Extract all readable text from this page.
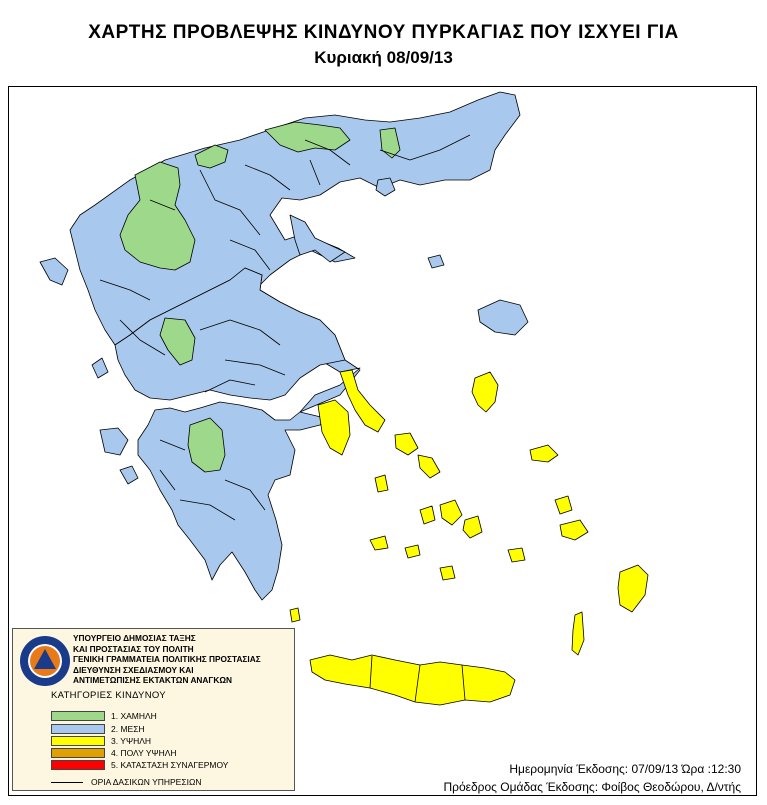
ΧΑΡΤΗΣ ΠΡΟΒΛΕΨΗΣ ΚΙΝΔΥΝΟΥ ΠΥΡΚΑΓΙΑΣ ΠΟΥ ΙΣΧΥΕΙ ΓΙΑ
Κυριακή 08/09/13
ΥΠΟΥΡΓΕΙΟ ΔΗΜΟΣΙΑΣ ΤΑΞΗΣ
ΚΑΙ ΠΡΟΣΤΑΣΙΑΣ ΤΟΥ ΠΟΛΙΤΗ
ΓΕΝΙΚΗ ΓΡΑΜΜΑΤΕΙΑ ΠΟΛΙΤΙΚΗΣ ΠΡΟΣΤΑΣΙΑΣ
ΔΙΕΥΘΥΝΣΗ ΣΧΕΔΙΑΣΜΟΥ ΚΑΙ
ΑΝΤΙΜΕΤΩΠΙΣΗΣ ΕΚΤΑΚΤΩΝ ΑΝΑΓΚΩΝ
ΚΑΤΗΓΟΡΙΕΣ ΚΙΝΔΥΝΟΥ
1. ΧΑΜΗΛΗ
2. ΜΕΣΗ
3. ΥΨΗΛΗ
4. ΠΟΛΥ ΥΨΗΛΗ
5. ΚΑΤΑΣΤΑΣΗ ΣΥΝΑΓΕΡΜΟΥ
ΟΡΙΑ ΔΑΣΙΚΩΝ ΥΠΗΡΕΣΙΩΝ
Ημερομηνία Έκδοσης: 07/09/13 Ώρα :12:30
Πρόεδρος Ομάδας Έκδοσης: Φοίβος Θεοδώρου, Δ/ντής
